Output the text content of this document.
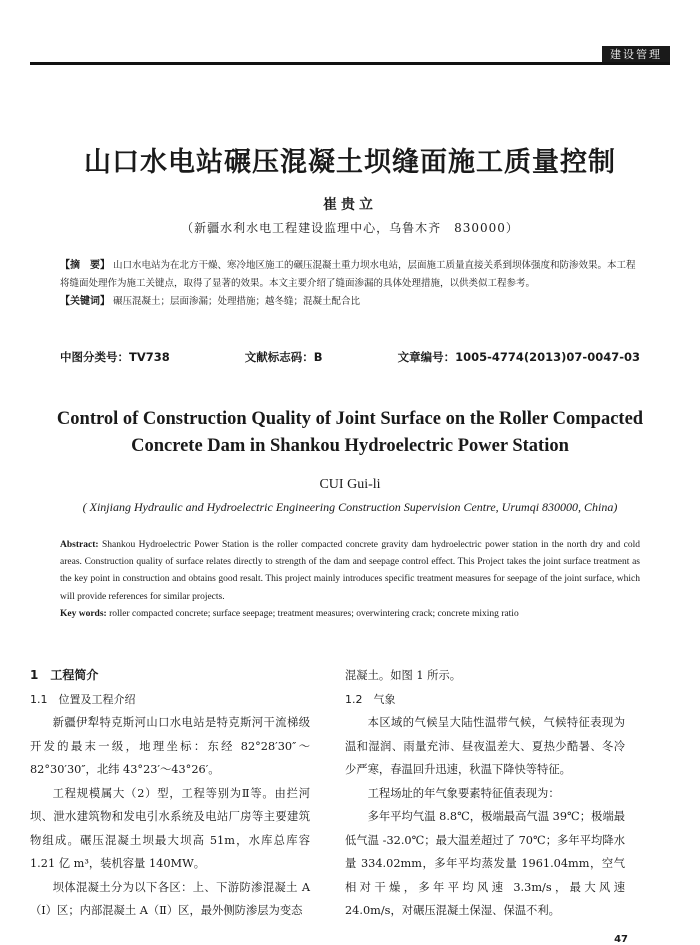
建设管理
山口水电站碾压混凝土坝缝面施工质量控制
崔贵立
（新疆水利水电工程建设监理中心，乌鲁木齐　830000）
【摘　要】 山口水电站为在北方干燥、寒冷地区施工的碾压混凝土重力坝水电站，层面施工质量直接关系到坝体强度和防渗效果。本工程将缝面处理作为施工关键点，取得了显著的效果。本文主要介绍了缝面渗漏的具体处理措施，以供类似工程参考。
【关键词】 碾压混凝土；层面渗漏；处理措施；越冬缝；混凝土配合比
中图分类号：TV738	文献标志码：B	文章编号：1005-4774(2013)07-0047-03
Control of Construction Quality of Joint Surface on the Roller Compacted
Concrete Dam in Shankou Hydroelectric Power Station
CUI Gui-li
( Xinjiang Hydraulic and Hydroelectric Engineering Construction Supervision Centre, Urumqi 830000, China)
Abstract: Shankou Hydroelectric Power Station is the roller compacted concrete gravity dam hydroelectric power station in the north dry and cold areas. Construction quality of surface relates directly to strength of the dam and seepage control effect. This Project takes the joint surface treatment as the key point in construction and obtains good resalt. This project mainly introduces specific treatment measures for seepage of the joint surface, which will provide references for similar projects.
Key words: roller compacted concrete; surface seepage; treatment measures; overwintering crack; concrete mixing ratio

1　工程简介

1.1　位置及工程介绍

新疆伊犁特克斯河山口水电站是特克斯河干流梯级开发的最末一级，地理坐标：东经 82°28′30″～82°30′30″，北纬 43°23′～43°26′。

工程规模属大（2）型，工程等别为Ⅱ等。由拦河坝、泄水建筑物和发电引水系统及电站厂房等主要建筑物组成。碾压混凝土坝最大坝高 51m，水库总库容 1.21 亿 m³，装机容量 140MW。

坝体混凝土分为以下各区：上、下游防渗混凝土 A（Ⅰ）区；内部混凝土 A（Ⅱ）区，最外侧防渗层为变态

混凝土。如图 1 所示。

1.2　气象

本区域的气候呈大陆性温带气候，气候特征表现为温和湿润、雨量充沛、昼夜温差大、夏热少酷暑、冬冷少严寒，春温回升迅速，秋温下降快等特征。

工程场址的年气象要素特征值表现为：

多年平均气温 8.8℃，极端最高气温 39℃；极端最低气温 -32.0℃；最大温差超过了 70℃；多年平均降水量 334.02mm，多年平均蒸发量 1961.04mm，空气相对干燥，多年平均风速 3.3m/s，最大风速 24.0m/s，对碾压混凝土保湿、保温不利。

47
